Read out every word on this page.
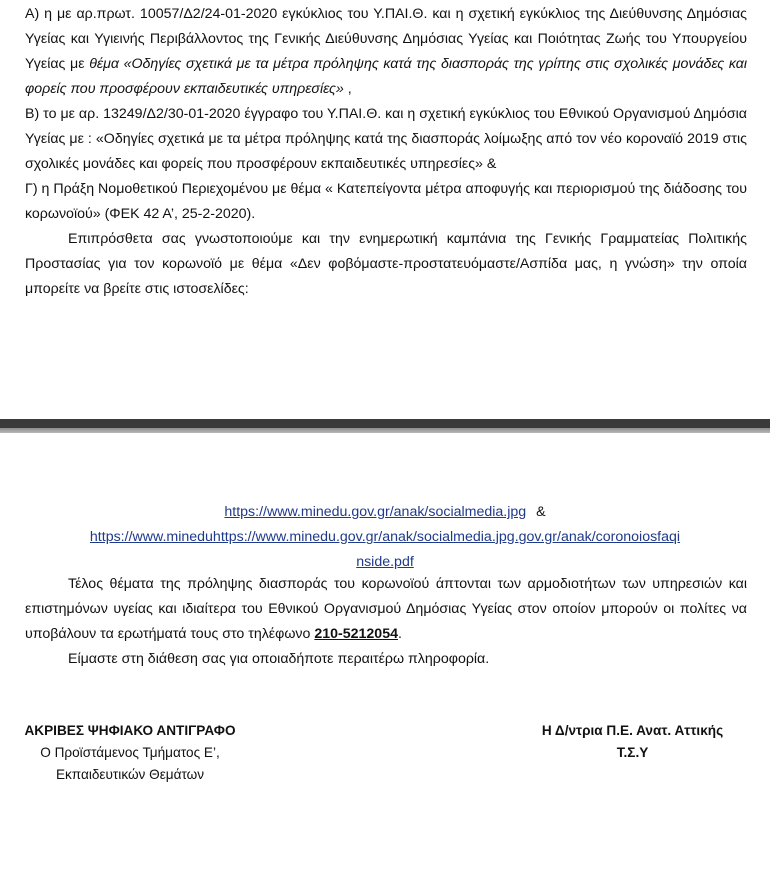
Α) η με αρ.πρωτ. 10057/Δ2/24-01-2020 εγκύκλιος του Υ.ΠΑΙ.Θ. και η σχετική εγκύκλιος της Διεύθυνσης Δημόσιας Υγείας και Υγιεινής Περιβάλλοντος της Γενικής Διεύθυνσης Δημόσιας Υγείας και Ποιότητας Ζωής του Υπουργείου Υγείας με θέμα «Οδηγίες σχετικά με τα μέτρα πρόληψης κατά της διασποράς της γρίπης στις σχολικές μονάδες και φορείς που προσφέρουν εκπαιδευτικές υπηρεσίες» ,

Β) το με αρ. 13249/Δ2/30-01-2020 έγγραφο του Υ.ΠΑΙ.Θ. και η σχετική εγκύκλιος του Εθνικού Οργανισμού Δημόσια Υγείας με : «Οδηγίες σχετικά με τα μέτρα πρόληψης κατά της διασποράς λοίμωξης από τον νέο κοροναϊό 2019 στις σχολικές μονάδες και φορείς που προσφέρουν εκπαιδευτικές υπηρεσίες» &

Γ) η Πράξη Νομοθετικού Περιεχομένου με θέμα « Κατεπείγοντα μέτρα αποφυγής και περιορισμού της διάδοσης του κορωνοϊού» (ΦΕΚ 42 Α’, 25-2-2020).

Επιπρόσθετα σας γνωστοποιούμε και την ενημερωτική καμπάνια της Γενικής Γραμματείας Πολιτικής Προστασίας για τον κορωνοϊό με θέμα «Δεν φοβόμαστε-προστατευόμαστε/Ασπίδα μας, η γνώση» την οποία μπορείτε να βρείτε στις ιστοσελίδες:

https://www.minedu.gov.gr/anak/socialmedia.jpg &

https://www.mineduhttps://www.minedu.gov.gr/anak/socialmedia.jpg.gov.gr/anak/coronoiosfaqi

nside.pdf

Τέλος θέματα της πρόληψης διασποράς του κορωνοϊού άπτονται των αρμοδιοτήτων των υπηρεσιών και επιστημόνων υγείας και ιδιαίτερα του Εθνικού Οργανισμού Δημόσιας Υγείας στον οποίον μπορούν οι πολίτες να υποβάλουν τα ερωτήματά τους στο τηλέφωνο 210-5212054.

Είμαστε στη διάθεση σας για οποιαδήποτε περαιτέρω πληροφορία.

ΑΚΡΙΒΕΣ ΨΗΦΙΑΚΟ ΑΝΤΙΓΡΑΦΟ
Ο Προϊστάμενος Τμήματος Ε’,
Εκπαιδευτικών Θεμάτων
Η Δ/ντρια Π.Ε. Ανατ. Αττικής
Τ.Σ.Υ
